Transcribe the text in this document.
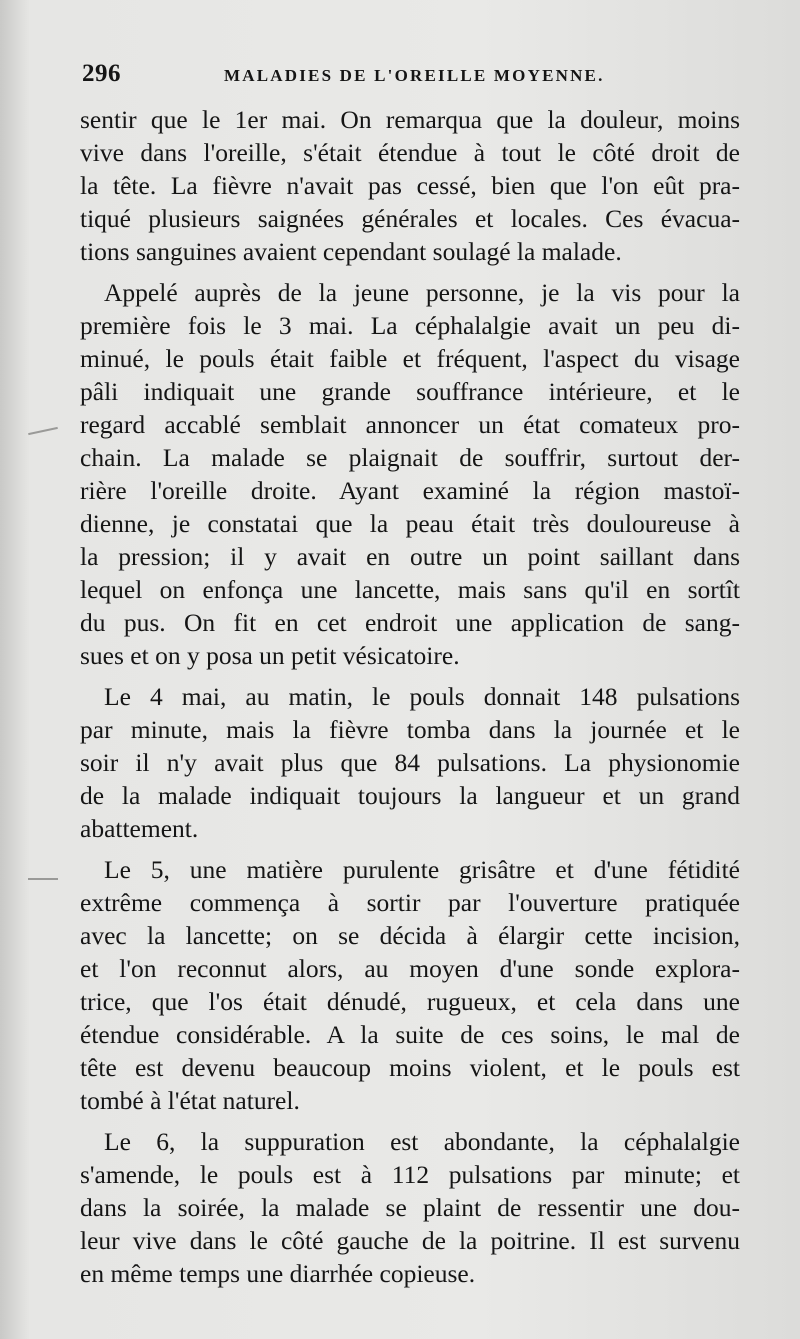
296	MALADIES DE L'OREILLE MOYENNE.

sentir que le 1er mai. On remarqua que la douleur, moins
vive dans l'oreille, s'était étendue à tout le côté droit de
la tête. La fièvre n'avait pas cessé, bien que l'on eût pra-
tiqué plusieurs saignées générales et locales. Ces évacua-
tions sanguines avaient cependant soulagé la malade.

Appelé auprès de la jeune personne, je la vis pour la
première fois le 3 mai. La céphalalgie avait un peu di-
minué, le pouls était faible et fréquent, l'aspect du visage
pâli indiquait une grande souffrance intérieure, et le
regard accablé semblait annoncer un état comateux pro-
chain. La malade se plaignait de souffrir, surtout der-
rière l'oreille droite. Ayant examiné la région mastoï-
dienne, je constatai que la peau était très douloureuse à
la pression; il y avait en outre un point saillant dans
lequel on enfonça une lancette, mais sans qu'il en sortît
du pus. On fit en cet endroit une application de sang-
sues et on y posa un petit vésicatoire.

Le 4 mai, au matin, le pouls donnait 148 pulsations
par minute, mais la fièvre tomba dans la journée et le
soir il n'y avait plus que 84 pulsations. La physionomie
de la malade indiquait toujours la langueur et un grand
abattement.

Le 5, une matière purulente grisâtre et d'une fétidité
extrême commença à sortir par l'ouverture pratiquée
avec la lancette; on se décida à élargir cette incision,
et l'on reconnut alors, au moyen d'une sonde explora-
trice, que l'os était dénudé, rugueux, et cela dans une
étendue considérable. A la suite de ces soins, le mal de
tête est devenu beaucoup moins violent, et le pouls est
tombé à l'état naturel.

Le 6, la suppuration est abondante, la céphalalgie
s'amende, le pouls est à 112 pulsations par minute; et
dans la soirée, la malade se plaint de ressentir une dou-
leur vive dans le côté gauche de la poitrine. Il est survenu
en même temps une diarrhée copieuse.
